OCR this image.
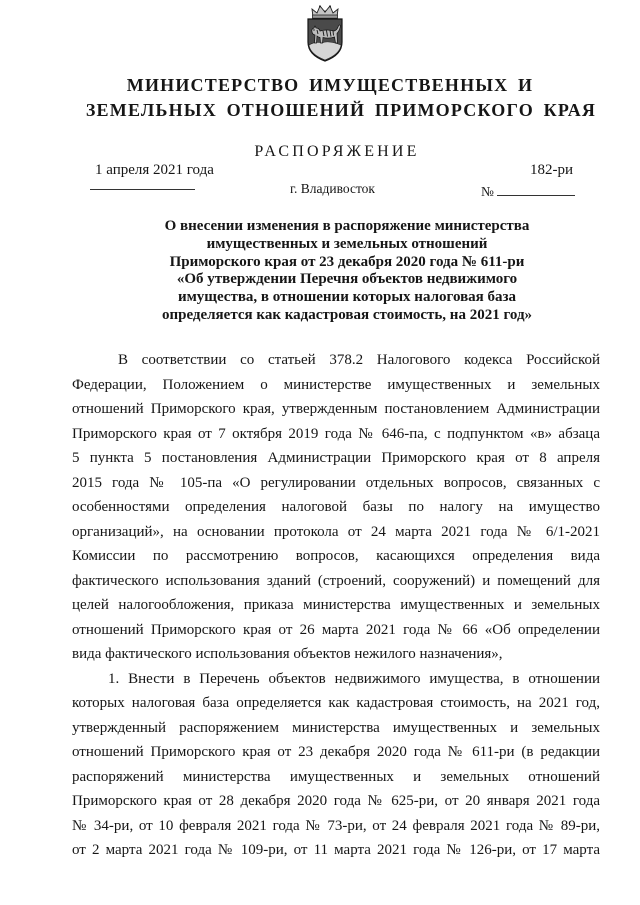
МИНИСТЕРСТВО ИМУЩЕСТВЕННЫХ И
ЗЕМЕЛЬНЫХ ОТНОШЕНИЙ ПРИМОРСКОГО КРАЯ
РАСПОРЯЖЕНИЕ
1 апреля 2021 года	182-ри
г. Владивосток	№
О внесении изменения в распоряжение министерства
имущественных и земельных отношений
Приморского края от 23 декабря 2020 года № 611-ри
«Об утверждении Перечня объектов недвижимого
имущества, в отношении которых налоговая база
определяется как кадастровая стоимость, на 2021 год»
В соответствии со статьей 378.2 Налогового кодекса Российской
Федерации, Положением о министерстве имущественных и земельных
отношений Приморского края, утвержденным постановлением Администрации
Приморского края от 7 октября 2019 года № 646-па, с подпунктом «в» абзаца
5 пункта 5 постановления Администрации Приморского края от 8 апреля
2015 года № 105-па «О регулировании отдельных вопросов, связанных с
особенностями определения налоговой базы по налогу на имущество
организаций», на основании протокола от 24 марта 2021 года № 6/1-2021
Комиссии по рассмотрению вопросов, касающихся определения вида
фактического использования зданий (строений, сооружений) и помещений для
целей налогообложения, приказа министерства имущественных и земельных
отношений Приморского края от 26 марта 2021 года № 66 «Об определении
вида фактического использования объектов нежилого назначения»,
1. Внести в Перечень объектов недвижимого имущества, в отношении
которых налоговая база определяется как кадастровая стоимость, на 2021 год,
утвержденный распоряжением министерства имущественных и земельных
отношений Приморского края от 23 декабря 2020 года № 611-ри (в редакции
распоряжений министерства имущественных и земельных отношений
Приморского края от 28 декабря 2020 года № 625-ри, от 20 января 2021 года
№ 34-ри, от 10 февраля 2021 года № 73-ри, от 24 февраля 2021 года № 89-ри,
от 2 марта 2021 года № 109-ри, от 11 марта 2021 года № 126-ри, от 17 марта
